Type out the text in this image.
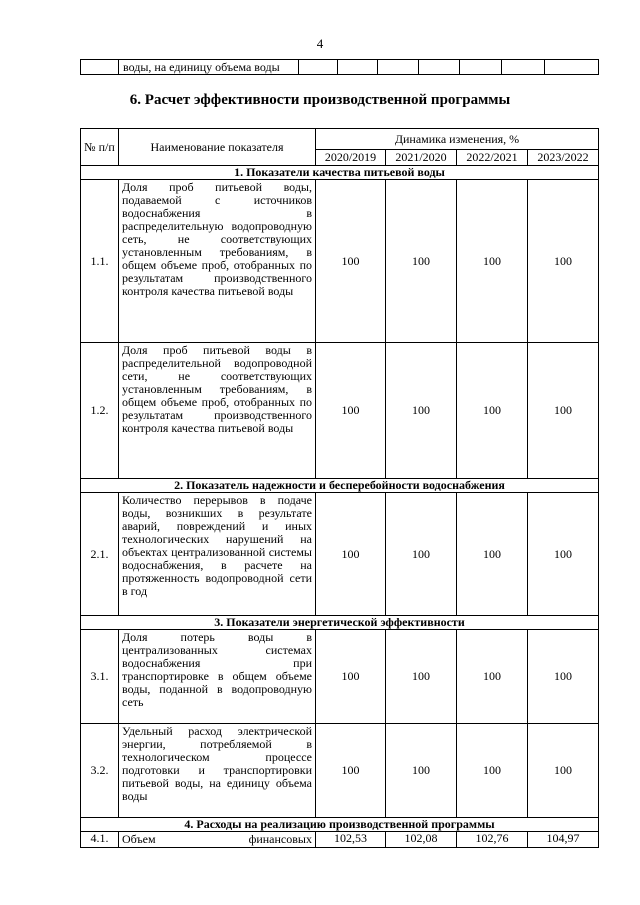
4
	воды, на единицу объема воды							
6. Расчет эффективности производственной программы
№ п/п	Наименование показателя	Динамика изменения, %			
		2020/2019	2021/2020	2022/2021	2023/2022
1. Показатели качества питьевой воды					
1.1.	Доля проб питьевой воды, подаваемой с источников водоснабжения в распределительную водопроводную сеть, не соответствующих установленным требованиям, в общем объеме проб, отобранных по результатам производственного контроля качества питьевой воды	100	100	100	100
1.2.	Доля проб питьевой воды в распределительной водопроводной сети, не соответствующих установленным требованиям, в общем объеме проб, отобранных по результатам производственного контроля качества питьевой воды	100	100	100	100
2. Показатель надежности и бесперебойности водоснабжения					
2.1.	Количество перерывов в подаче воды, возникших в результате аварий, повреждений и иных технологических нарушений на объектах централизованной системы водоснабжения, в расчете на протяженность водопроводной сети в год	100	100	100	100
3. Показатели энергетической эффективности					
3.1.	Доля потерь воды в централизованных системах водоснабжения при транспортировке в общем объеме воды, поданной в водопроводную сеть	100	100	100	100
3.2.	Удельный расход электрической энергии, потребляемой в технологическом процессе подготовки и транспортировки питьевой воды, на единицу объема воды	100	100	100	100
4. Расходы на реализацию производственной программы					
4.1.	Объем финансовых	102,53	102,08	102,76	104,97
